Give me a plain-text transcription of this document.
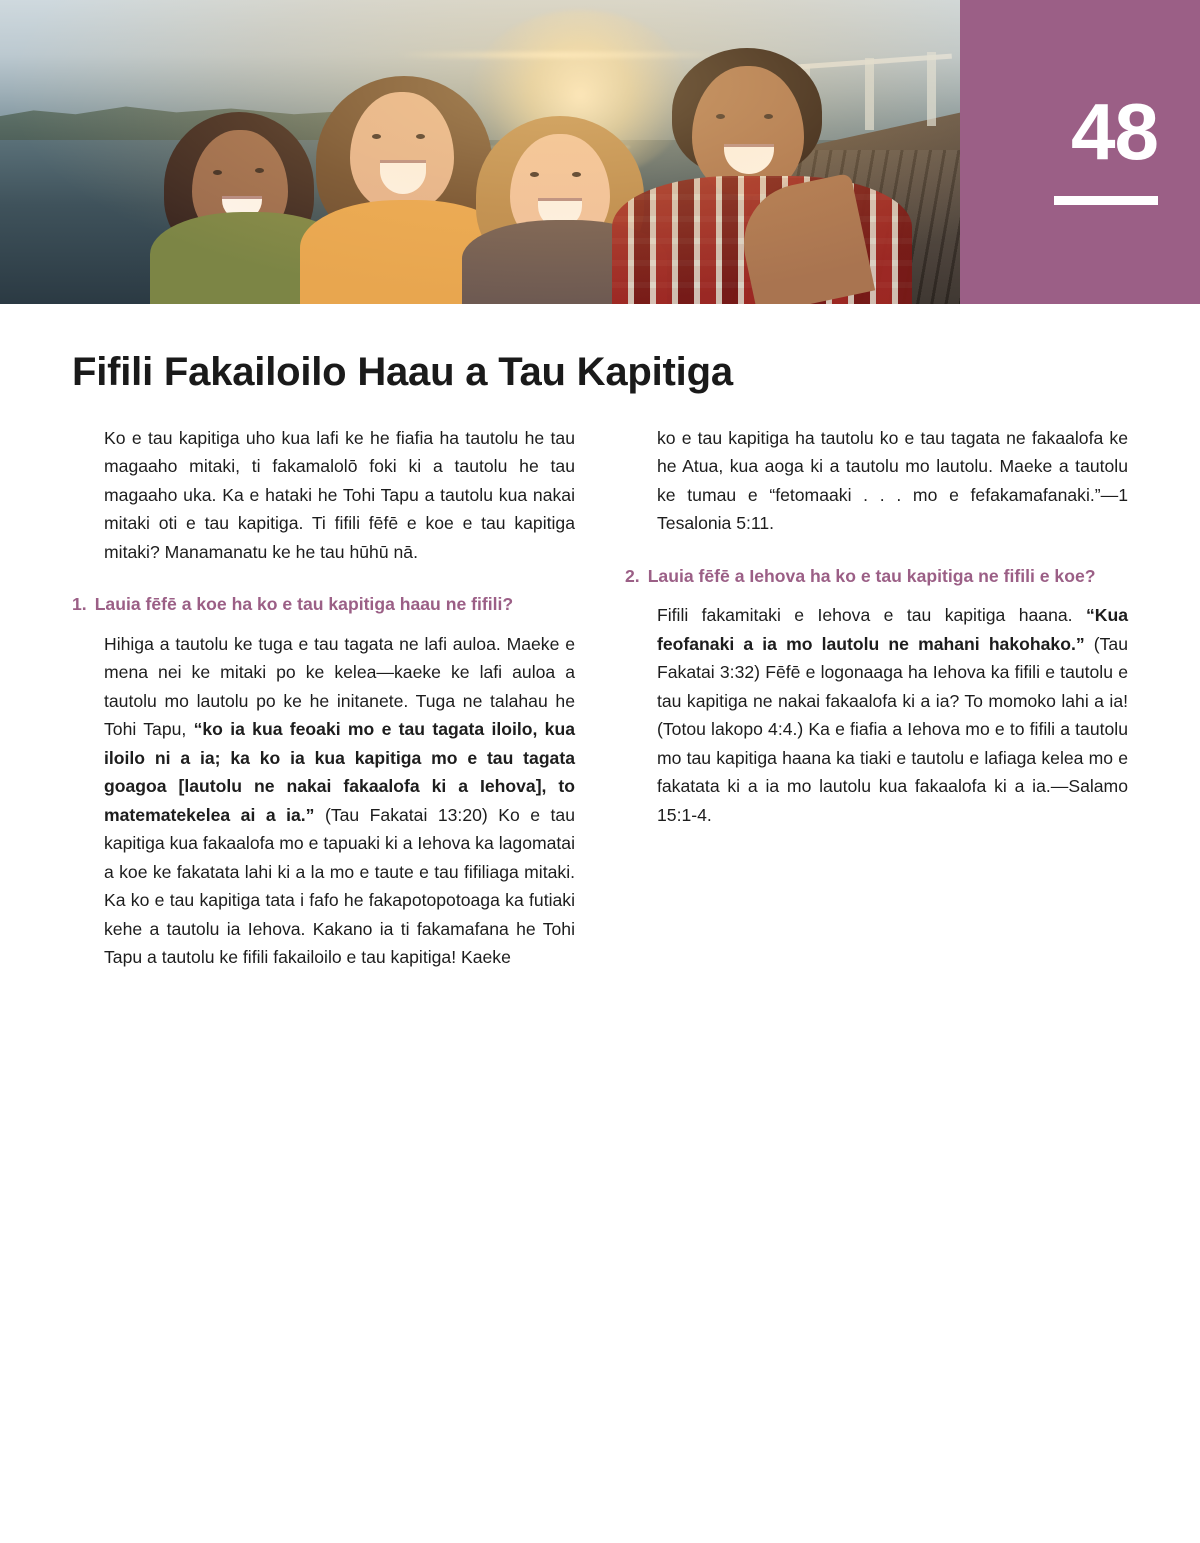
48
Fifili Fakailoilo Haau a Tau Kapitiga

Ko e tau kapitiga uho kua lafi ke he fiafia ha tautolu he tau magaaho mitaki, ti fakamalolō foki ki a tautolu he tau magaaho uka. Ka e hataki he Tohi Tapu a tautolu kua nakai mitaki oti e tau kapitiga. Ti fifili fēfē e koe e tau kapitiga mitaki? Manamanatu ke he tau hūhū nā.

1. Lauia fēfē a koe ha ko e tau kapitiga haau ne fifili?

Hihiga a tautolu ke tuga e tau tagata ne lafi auloa. Maeke e mena nei ke mitaki po ke kelea—kaeke ke lafi auloa a tautolu mo lautolu po ke he initanete. Tuga ne talahau he Tohi Tapu, “ko ia kua feoaki mo e tau tagata iloilo, kua iloilo ni a ia; ka ko ia kua kapitiga mo e tau tagata goagoa [lautolu ne nakai fakaalofa ki a Iehova], to matematekelea ai a ia.” (Tau Fakatai 13:20) Ko e tau kapitiga kua fakaalofa mo e tapuaki ki a Iehova ka lagomatai a koe ke fakatata lahi ki a la mo e taute e tau fifiliaga mitaki. Ka ko e tau kapitiga tata i fafo he fakapotopotoaga ka futiaki kehe a tautolu ia Iehova. Kakano ia ti fakamafana he Tohi Tapu a tautolu ke fifili fakailoilo e tau kapitiga! Kaeke

ko e tau kapitiga ha tautolu ko e tau tagata ne fakaalofa ke he Atua, kua aoga ki a tautolu mo lautolu. Maeke a tautolu ke tumau e “fetomaaki . . . mo e fefakamafanaki.”—1 Tesalonia 5:11.

2. Lauia fēfē a Iehova ha ko e tau kapitiga ne fifili e koe?

Fifili fakamitaki e Iehova e tau kapitiga haana. “Kua feofanaki a ia mo lautolu ne mahani hakohako.” (Tau Fakatai 3:32) Fēfē e logonaaga ha Iehova ka fifili e tautolu e tau kapitiga ne nakai fakaalofa ki a ia? To momoko lahi a ia! (Totou lakopo 4:4.) Ka e fiafia a Iehova mo e to fifili a tautolu mo tau kapitiga haana ka tiaki e tautolu e lafiaga kelea mo e fakatata ki a ia mo lautolu kua fakaalofa ki a ia.—Salamo 15:1-4.
